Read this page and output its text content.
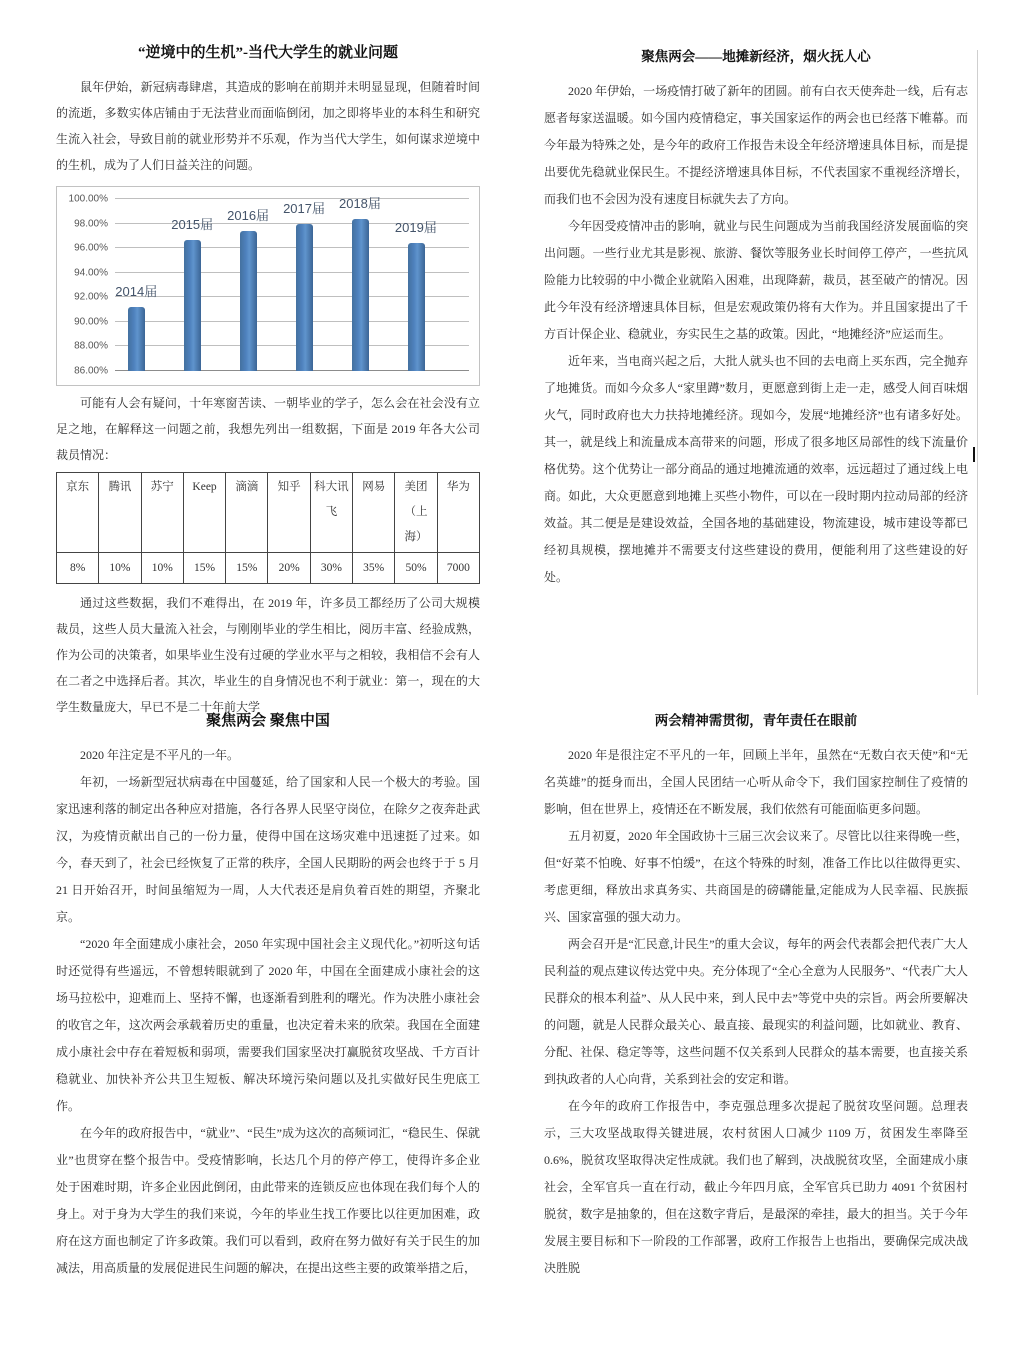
“逆境中的生机”-当代大学生的就业问题

鼠年伊始，新冠病毒肆虐，其造成的影响在前期并未明显显现，但随着时间的流逝，多数实体店铺由于无法营业而面临倒闭，加之即将毕业的本科生和研究生流入社会，导致目前的就业形势并不乐观，作为当代大学生，如何谋求逆境中的生机，成为了人们日益关注的问题。

86.00%
88.00%
90.00%
92.00%
94.00%
96.00%
98.00%
100.00%
2014届
2015届
2016届 2017届 2018届
2019届

可能有人会有疑问，十年寒窗苦读、一朝毕业的学子，怎么会在社会没有立足之地，在解释这一问题之前，我想先列出一组数据，下面是 2019 年各大公司裁员情况：

京东	腾讯	苏宁	Keep	滴滴	知乎	科大讯飞	网易	美团（上海）	华为
8%	10%	10%	15%	15%	20%	30%	35%	50%	7000

通过这些数据，我们不难得出，在 2019 年，许多员工都经历了公司大规模裁员，这些人员大量流入社会，与刚刚毕业的学生相比，阅历丰富、经验成熟，作为公司的决策者，如果毕业生没有过硬的学业水平与之相较，我相信不会有人在二者之中选择后者。其次，毕业生的自身情况也不利于就业：第一，现在的大学生数量庞大，早已不是二十年前大学

聚焦两会——地摊新经济，烟火抚人心

2020 年伊始，一场疫情打破了新年的团圆。前有白衣天使奔赴一线，后有志愿者每家送温暖。如今国内疫情稳定，事关国家运作的两会也已经落下帷幕。而今年最为特殊之处，是今年的政府工作报告未设全年经济增速具体目标，而是提出要优先稳就业保民生。不提经济增速具体目标，不代表国家不重视经济增长，而我们也不会因为没有速度目标就失去了方向。

今年因受疫情冲击的影响，就业与民生问题成为当前我国经济发展面临的突出问题。一些行业尤其是影视、旅游、餐饮等服务业长时间停工停产，一些抗风险能力比较弱的中小微企业就陷入困难，出现降薪，裁员，甚至破产的情况。因此今年没有经济增速具体目标，但是宏观政策仍将有大作为。并且国家提出了千方百计保企业、稳就业，夯实民生之基的政策。因此，“地摊经济”应运而生。

近年来，当电商兴起之后，大批人就头也不回的去电商上买东西，完全抛弃了地摊货。而如今众多人“家里蹲”数月，更愿意到街上走一走，感受人间百味烟火气，同时政府也大力扶持地摊经济。现如今，发展“地摊经济”也有诸多好处。其一，就是线上和流量成本高带来的问题，形成了很多地区局部性的线下流量价格优势。这个优势让一部分商品的通过地摊流通的效率，远远超过了通过线上电商。如此，大众更愿意到地摊上买些小物件，可以在一段时期内拉动局部的经济效益。其二便是是建设效益，全国各地的基础建设，物流建设，城市建设等都已经初具规模，摆地摊并不需要支付这些建设的费用，便能利用了这些建设的好处。

聚焦两会 聚焦中国

2020 年注定是不平凡的一年。

年初，一场新型冠状病毒在中国蔓延，给了国家和人民一个极大的考验。国家迅速利落的制定出各种应对措施，各行各界人民坚守岗位，在除夕之夜奔赴武汉，为疫情贡献出自己的一份力量，使得中国在这场灾难中迅速挺了过来。如今，春天到了，社会已经恢复了正常的秩序，全国人民期盼的两会也终于于 5 月 21 日开始召开，时间虽缩短为一周，人大代表还是肩负着百姓的期望，齐聚北京。

“2020 年全面建成小康社会，2050 年实现中国社会主义现代化。”初听这句话时还觉得有些遥远，不曾想转眼就到了 2020 年，中国在全面建成小康社会的这场马拉松中，迎难而上、坚持不懈，也逐渐看到胜利的曙光。作为决胜小康社会的收官之年，这次两会承载着历史的重量，也决定着未来的欣荣。我国在全面建成小康社会中存在着短板和弱项，需要我们国家坚决打赢脱贫攻坚战、千方百计稳就业、加快补齐公共卫生短板、解决环境污染问题以及扎实做好民生兜底工作。

在今年的政府报告中，“就业”、“民生”成为这次的高频词汇，“稳民生、保就业”也贯穿在整个报告中。受疫情影响，长达几个月的停产停工，使得许多企业处于困难时期，许多企业因此倒闭，由此带来的连锁反应也体现在我们每个人的身上。对于身为大学生的我们来说，今年的毕业生找工作要比以往更加困难，政府在这方面也制定了许多政策。我们可以看到，政府在努力做好有关于民生的加减法，用高质量的发展促进民生问题的解决，在提出这些主要的政策举措之后，

两会精神需贯彻，青年责任在眼前

2020 年是很注定不平凡的一年，回顾上半年，虽然在“无数白衣天使”和“无名英雄”的挺身而出，全国人民团结一心听从命令下，我们国家控制住了疫情的影响，但在世界上，疫情还在不断发展，我们依然有可能面临更多问题。

五月初夏，2020 年全国政协十三届三次会议来了。尽管比以往来得晚一些，但“好菜不怕晚、好事不怕缓”，在这个特殊的时刻，准备工作比以往做得更实、考虑更细，释放出求真务实、共商国是的磅礴能量,定能成为人民幸福、民族振兴、国家富强的强大动力。

两会召开是“汇民意,计民生”的重大会议，每年的两会代表都会把代表广大人民利益的观点建议传达党中央。充分体现了“全心全意为人民服务”、“代表广大人民群众的根本利益”、从人民中来，到人民中去”等党中央的宗旨。两会所要解决的问题，就是人民群众最关心、最直接、最现实的利益问题，比如就业、教育、分配、社保、稳定等等，这些问题不仅关系到人民群众的基本需要，也直接关系到执政者的人心向背，关系到社会的安定和谐。

在今年的政府工作报告中，李克强总理多次提起了脱贫攻坚问题。总理表示，三大攻坚战取得关键进展，农村贫困人口减少 1109 万，贫困发生率降至 0.6%，脱贫攻坚取得决定性成就。我们也了解到，决战脱贫攻坚，全面建成小康社会，全军官兵一直在行动，截止今年四月底，全军官兵已助力 4091 个贫困村脱贫，数字是抽象的，但在这数字背后，是最深的牵挂，最大的担当。关于今年发展主要目标和下一阶段的工作部署，政府工作报告上也指出，要确保完成决战决胜脱
